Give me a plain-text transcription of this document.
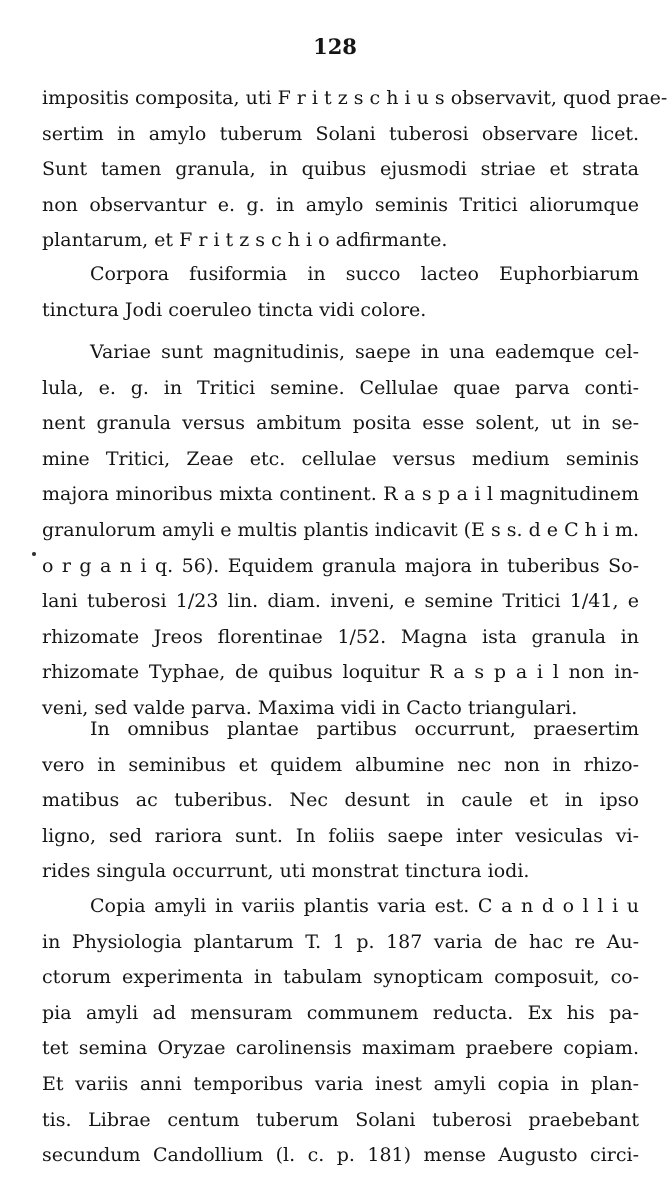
128
impositis composita, uti F r i t z s c h i u s observavit, quod prae-
sertim in amylo tuberum Solani tuberosi observare licet.
Sunt tamen granula, in quibus ejusmodi striae et strata
non observantur e. g. in amylo seminis Tritici aliorumque
plantarum, et F r i t z s c h i o adfirmante.
Corpora fusiformia in succo lacteo Euphorbiarum
tinctura Jodi coeruleo tincta vidi colore.
Variae sunt magnitudinis, saepe in una eademque cel-
lula, e. g. in Tritici semine. Cellulae quae parva conti-
nent granula versus ambitum posita esse solent, ut in se-
mine Tritici, Zeae etc. cellulae versus medium seminis
majora minoribus mixta continent. R a s p a i l magnitudinem
granulorum amyli e multis plantis indicavit (E s s. d e C h i m.
o r g a n i q. 56). Equidem granula majora in tuberibus So-
lani tuberosi 1/23 lin. diam. inveni, e semine Tritici 1/41, e
rhizomate Jreos florentinae 1/52. Magna ista granula in
rhizomate Typhae, de quibus loquitur R a s p a i l non in-
veni, sed valde parva. Maxima vidi in Cacto triangulari.
In omnibus plantae partibus occurrunt, praesertim
vero in seminibus et quidem albumine nec non in rhizo-
matibus ac tuberibus. Nec desunt in caule et in ipso
ligno, sed rariora sunt. In foliis saepe inter vesiculas vi-
rides singula occurrunt, uti monstrat tinctura iodi.
Copia amyli in variis plantis varia est. C a n d o l l i u
in Physiologia plantarum T. 1 p. 187 varia de hac re Au-
ctorum experimenta in tabulam synopticam composuit, co-
pia amyli ad mensuram communem reducta. Ex his pa-
tet semina Oryzae carolinensis maximam praebere copiam.
Et variis anni temporibus varia inest amyli copia in plan-
tis. Librae centum tuberum Solani tuberosi praebebant
secundum Candollium (l. c. p. 181) mense Augusto circi-
